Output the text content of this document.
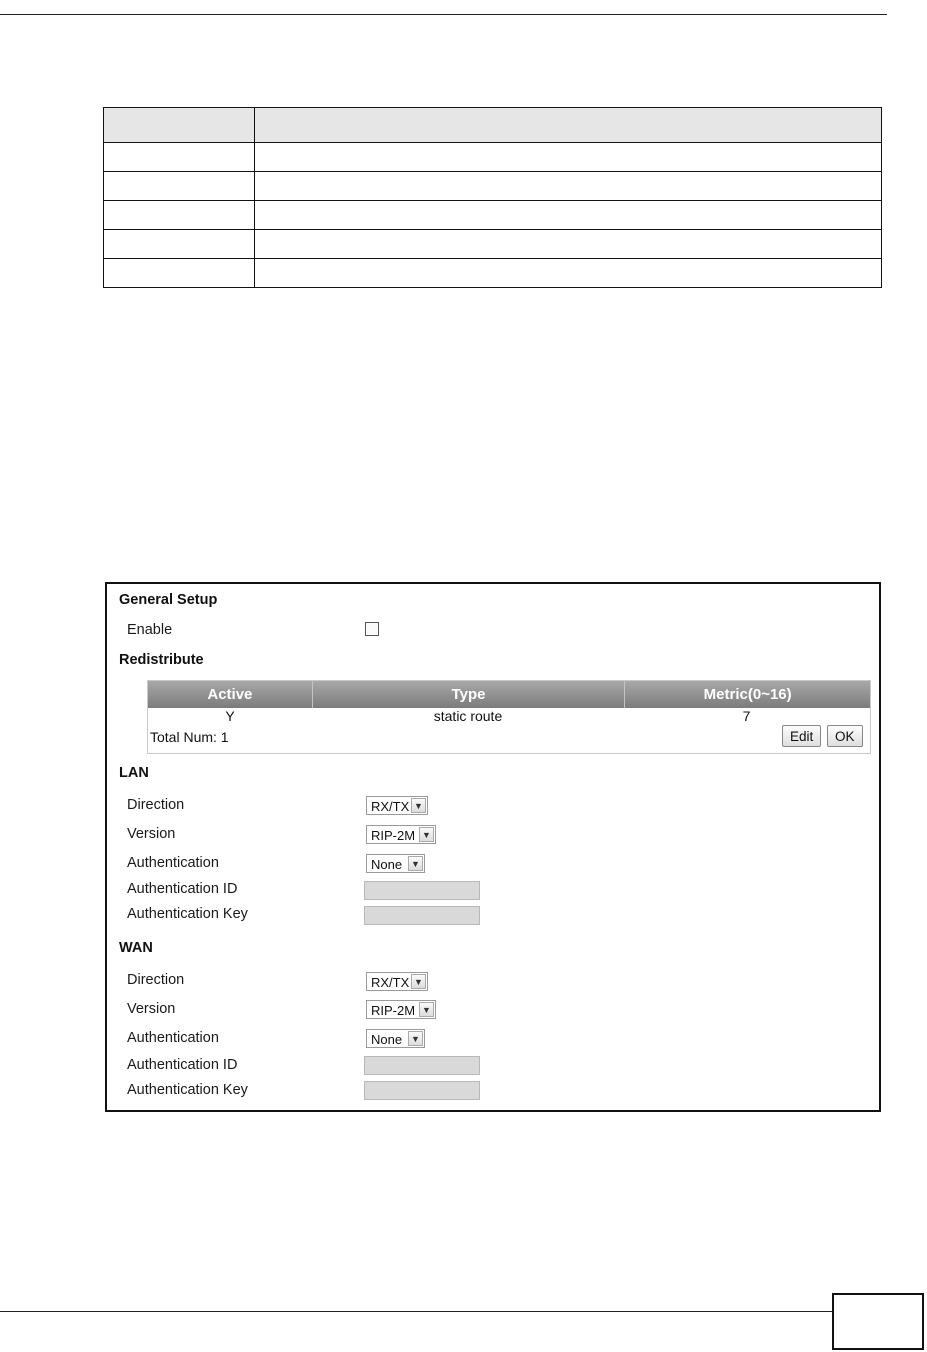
General Setup
Enable
Redistribute
Active	Type	Metric(0~16)
Y	static route	7
Total Num: 1	Edit	OK
LAN
Direction	RX/TX ▼
Version	RIP-2M ▼
Authentication	None ▼
Authentication ID
Authentication Key
WAN
Direction	RX/TX ▼
Version	RIP-2M ▼
Authentication	None ▼
Authentication ID
Authentication Key
